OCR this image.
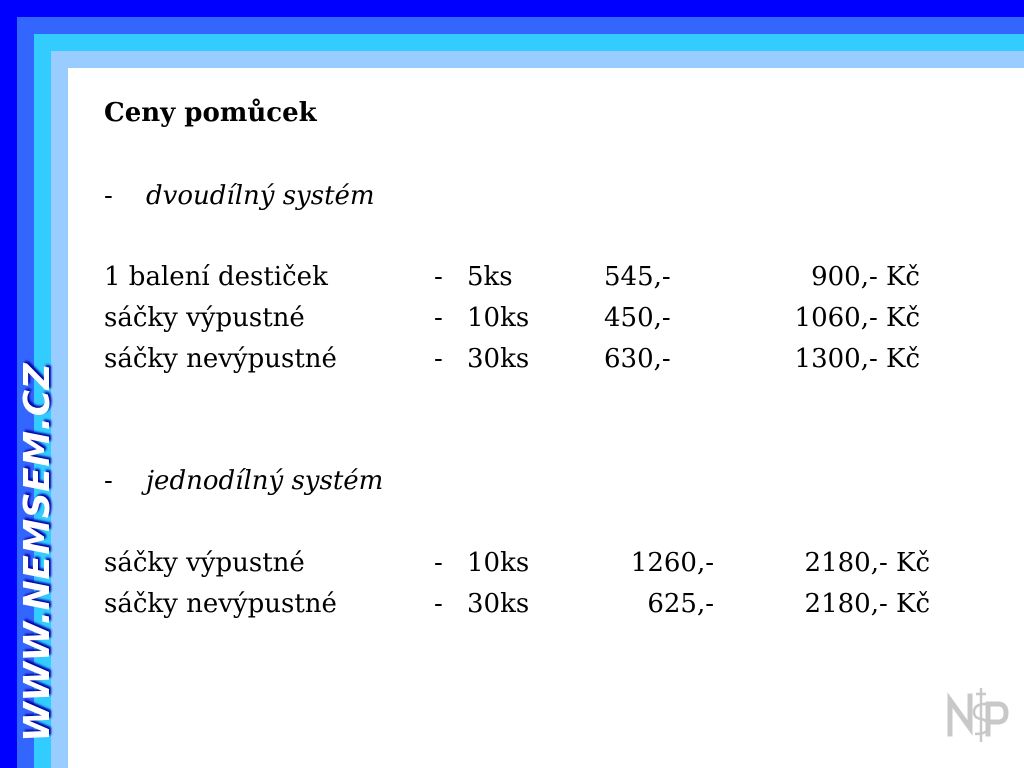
WWW.NEMSEM.CZ
Ceny pomůcek
- dvoudílný systém
1 balení destiček	- 5ks	545,-	900,- Kč
sáčky výpustné	- 10ks	450,-	1060,- Kč
sáčky nevýpustné	- 30ks	630,-	1300,- Kč
- jednodílný systém
sáčky výpustné	- 10ks	1260,-	2180,- Kč
sáčky nevýpustné	- 30ks	625,-	2180,- Kč
